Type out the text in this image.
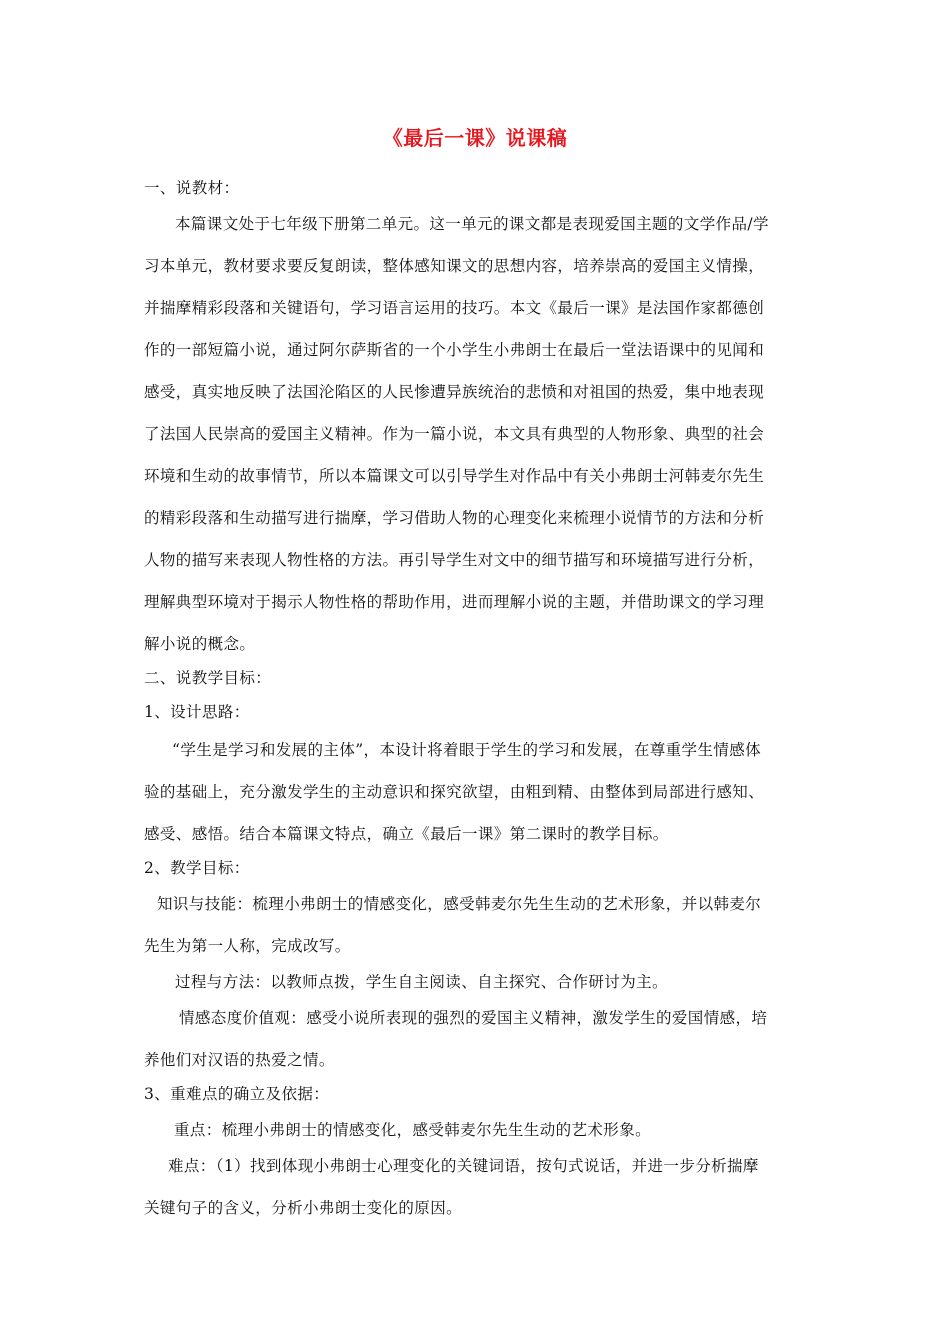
《最后一课》说课稿
一、说教材：
本篇课文处于七年级下册第二单元。这一单元的课文都是表现爱国主题的文学作品/学
习本单元，教材要求要反复朗读，整体感知课文的思想内容，培养崇高的爱国主义情操，
并揣摩精彩段落和关键语句，学习语言运用的技巧。本文《最后一课》是法国作家都德创
作的一部短篇小说，通过阿尔萨斯省的一个小学生小弗朗士在最后一堂法语课中的见闻和
感受，真实地反映了法国沦陷区的人民惨遭异族统治的悲愤和对祖国的热爱，集中地表现
了法国人民崇高的爱国主义精神。作为一篇小说，本文具有典型的人物形象、典型的社会
环境和生动的故事情节，所以本篇课文可以引导学生对作品中有关小弗朗士河韩麦尔先生
的精彩段落和生动描写进行揣摩，学习借助人物的心理变化来梳理小说情节的方法和分析
人物的描写来表现人物性格的方法。再引导学生对文中的细节描写和环境描写进行分析，
理解典型环境对于揭示人物性格的帮助作用，进而理解小说的主题，并借助课文的学习理
解小说的概念。
二、说教学目标：
1、设计思路：
“学生是学习和发展的主体”，本设计将着眼于学生的学习和发展，在尊重学生情感体
验的基础上，充分激发学生的主动意识和探究欲望，由粗到精、由整体到局部进行感知、
感受、感悟。结合本篇课文特点，确立《最后一课》第二课时的教学目标。
2、教学目标：
知识与技能：梳理小弗朗士的情感变化，感受韩麦尔先生生动的艺术形象，并以韩麦尔
先生为第一人称，完成改写。
过程与方法：以教师点拨，学生自主阅读、自主探究、合作研讨为主。
情感态度价值观：感受小说所表现的强烈的爱国主义精神，激发学生的爱国情感，培
养他们对汉语的热爱之情。
3、重难点的确立及依据：
重点：梳理小弗朗士的情感变化，感受韩麦尔先生生动的艺术形象。
难点：（1）找到体现小弗朗士心理变化的关键词语，按句式说话，并进一步分析揣摩
关键句子的含义，分析小弗朗士变化的原因。
